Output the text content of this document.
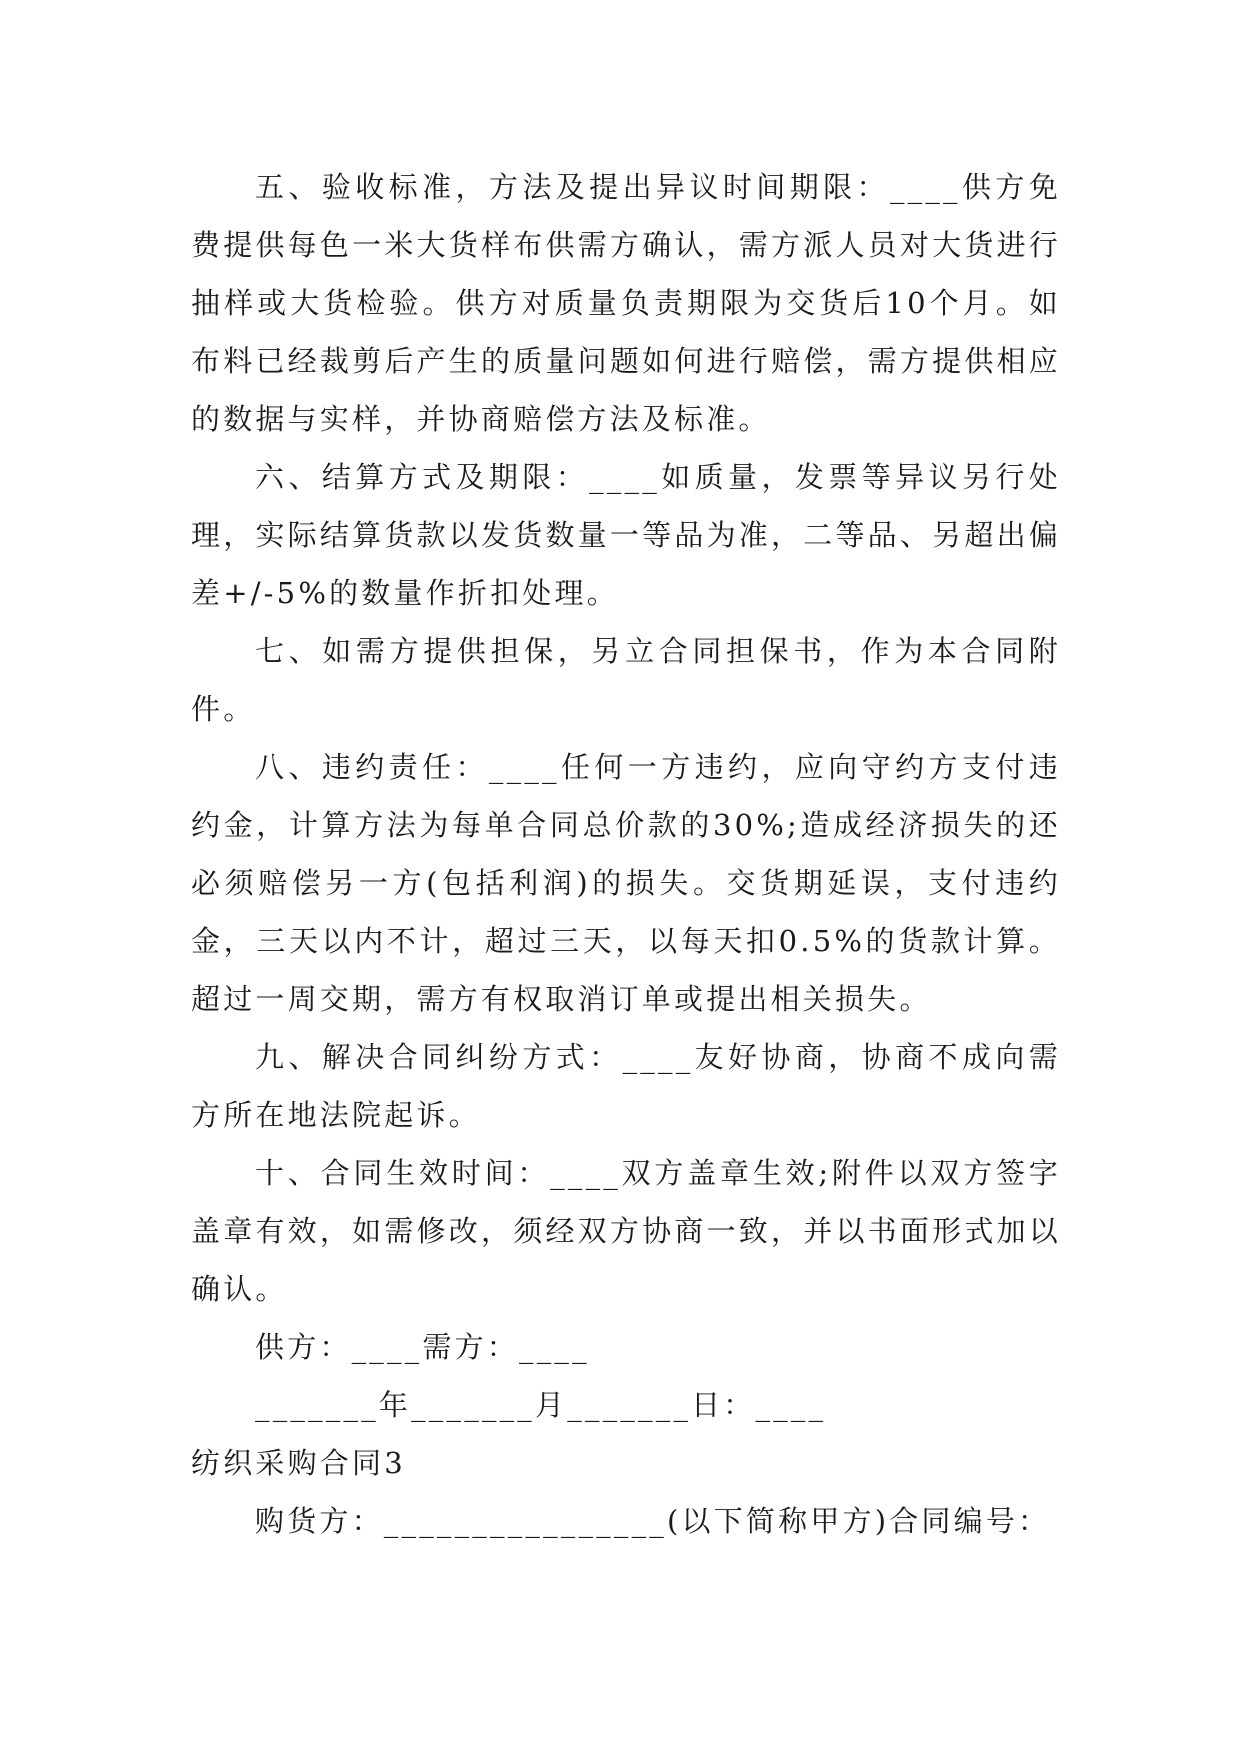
五、验收标准，方法及提出异议时间期限：____供方免费提供每色一米大货样布供需方确认，需方派人员对大货进行抽样或大货检验。供方对质量负责期限为交货后10个月。如布料已经裁剪后产生的质量问题如何进行赔偿，需方提供相应的数据与实样，并协商赔偿方法及标准。

六、结算方式及期限：____如质量，发票等异议另行处理，实际结算货款以发货数量一等品为准，二等品、另超出偏差+/-5%的数量作折扣处理。

七、如需方提供担保，另立合同担保书，作为本合同附件。

八、违约责任：____任何一方违约，应向守约方支付违约金，计算方法为每单合同总价款的30%;造成经济损失的还必须赔偿另一方(包括利润)的损失。交货期延误，支付违约金，三天以内不计，超过三天，以每天扣0.5%的货款计算。超过一周交期，需方有权取消订单或提出相关损失。

九、解决合同纠纷方式：____友好协商，协商不成向需方所在地法院起诉。

十、合同生效时间：____双方盖章生效;附件以双方签字盖章有效，如需修改，须经双方协商一致，并以书面形式加以确认。

供方：____需方：____

_______年_______月_______日：____

纺织采购合同3

购货方：________________(以下简称甲方)合同编号：
